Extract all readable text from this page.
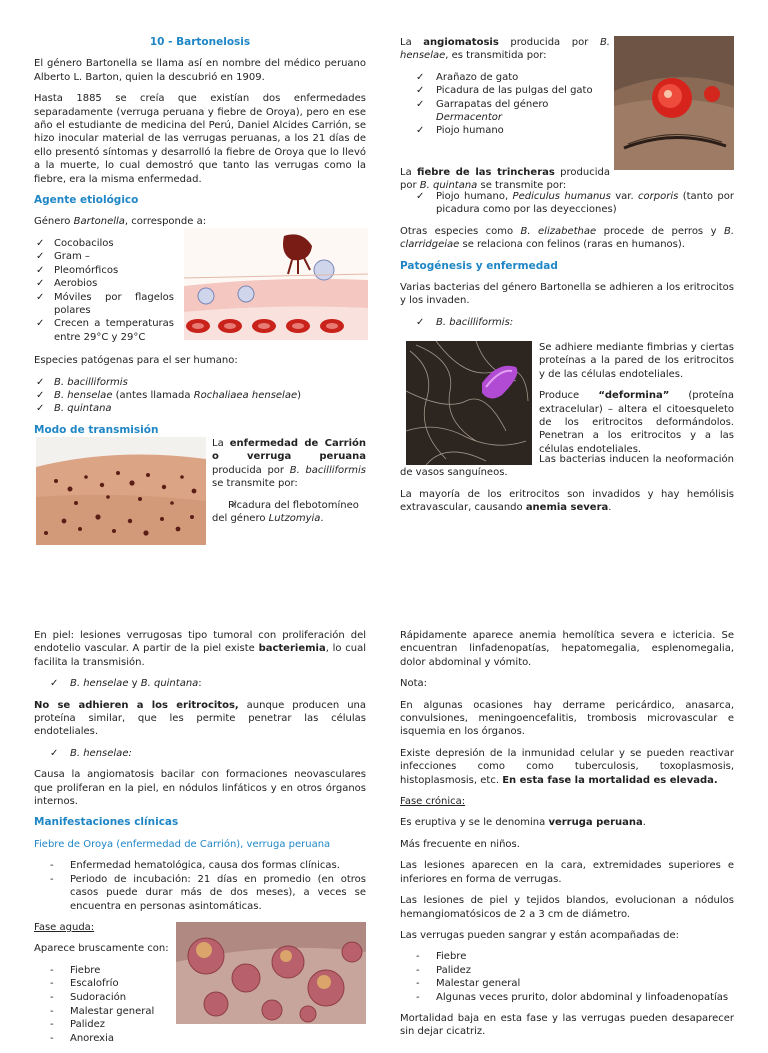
10 - Bartonelosis

El género Bartonella se llama así en nombre del médico peruano Alberto L. Barton, quien la descubrió en 1909.

Hasta 1885 se creía que existían dos enfermedades separadamente (verruga peruana y fiebre de Oroya), pero en ese año el estudiante de medicina del Perú, Daniel Alcides Carrión, se hizo inocular material de las verrugas peruanas, a los 21 días de ello presentó síntomas y desarrolló la fiebre de Oroya que lo llevó a la muerte, lo cual demostró que tanto las verrugas como la fiebre, era la misma enfermedad.

Agente etiológico

Género Bartonella, corresponde a:

✓ Cocobacilos
✓ Gram –
✓ Pleomórficos
✓ Aerobios
✓ Móviles por flagelos polares
✓ Crecen a temperaturas entre 29°C y 29°C

Especies patógenas para el ser humano:

✓ B. bacilliformis
✓ B. henselae (antes llamada Rochaliaea henselae)
✓ B. quintana
Modo de transmisión

La enfermedad de Carrión o verruga peruana producida por B. bacilliformis se transmite por:

✓ Picadura del flebotomíneo del género Lutzomyia.

La angiomatosis producida por B. henselae, es transmitida por:

✓ Arañazo de gato
✓ Picadura de las pulgas del gato
✓ Garrapatas del género Dermacentor
✓ Piojo humano

La fiebre de las trincheras producida por B. quintana se transmite por:

✓ Piojo humano, Pediculus humanus var. corporis (tanto por picadura como por las deyecciones)

Otras especies como B. elizabethae procede de perros y B. clarridgeiae se relaciona con felinos (raras en humanos).

Patogénesis y enfermedad

Varias bacterias del género Bartonella se adhieren a los eritrocitos y los invaden.

✓ B. bacilliformis:

Se adhiere mediante fimbrias y ciertas proteínas a la pared de los eritrocitos y de las células endoteliales.

Produce “deformina” (proteína extracelular) – altera el citoesqueleto de los eritrocitos deformándolos. Penetran a los eritrocitos y a las células endoteliales.

Las bacterias inducen la neoformación de vasos sanguíneos.

La mayoría de los eritrocitos son invadidos y hay hemólisis extravascular, causando anemia severa.

En piel: lesiones verrugosas tipo tumoral con proliferación del endotelio vascular. A partir de la piel existe bacteriemia, lo cual facilita la transmisión.

✓ B. henselae y B. quintana:

No se adhieren a los eritrocitos, aunque producen una proteína similar, que les permite penetrar las células endoteliales.

✓ B. henselae:

Causa la angiomatosis bacilar con formaciones neovasculares que proliferan en la piel, en nódulos linfáticos y en otros órganos internos.

Manifestaciones clínicas
Fiebre de Oroya (enfermedad de Carrión), verruga peruana
- Enfermedad hematológica, causa dos formas clínicas.
- Periodo de incubación: 21 días en promedio (en otros casos puede durar más de dos meses), a veces se encuentra en personas asintomáticas.

Fase aguda:

Aparece bruscamente con:

- Fiebre
- Escalofrío
- Sudoración
- Malestar general
- Palidez
- Anorexia

Rápidamente aparece anemia hemolítica severa e ictericia. Se encuentran linfadenopatías, hepatomegalia, esplenomegalia, dolor abdominal y vómito.

Nota:

En algunas ocasiones hay derrame pericárdico, anasarca, convulsiones, meningoencefalitis, trombosis microvascular e isquemia en los órganos.

Existe depresión de la inmunidad celular y se pueden reactivar infecciones como como tuberculosis, toxoplasmosis, histoplasmosis, etc. En esta fase la mortalidad es elevada.

Fase crónica:

Es eruptiva y se le denomina verruga peruana.

Más frecuente en niños.

Las lesiones aparecen en la cara, extremidades superiores e inferiores en forma de verrugas.

Las lesiones de piel y tejidos blandos, evolucionan a nódulos hemangiomatósicos de 2 a 3 cm de diámetro.

Las verrugas pueden sangrar y están acompañadas de:

- Fiebre
- Palidez
- Malestar general
- Algunas veces prurito, dolor abdominal y linfoadenopatías

Mortalidad baja en esta fase y las verrugas pueden desaparecer sin dejar cicatriz.
